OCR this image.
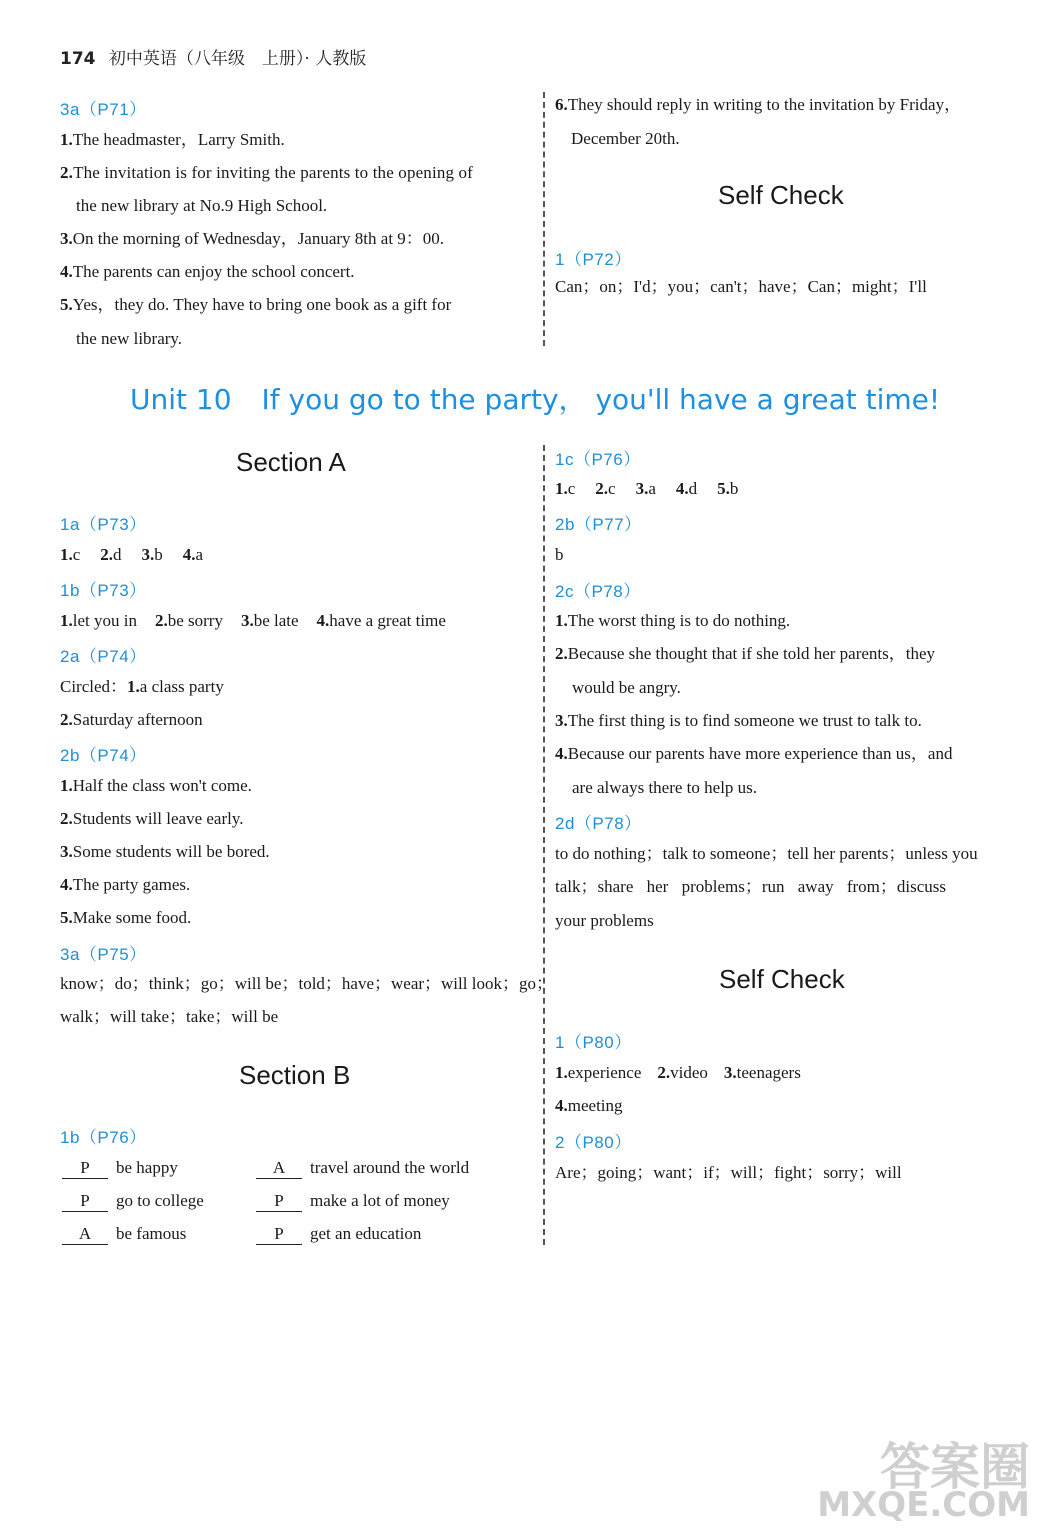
174 初中英语（八年级　上册）· 人教版
3a（P71）
1.The headmaster，Larry Smith.
2.The invitation is for inviting the parents to the opening of
the new library at No.9 High School.
3.On the morning of Wednesday，January 8th at 9：00.
4.The parents can enjoy the school concert.
5.Yes，they do. They have to bring one book as a gift for
the new library.
6.They should reply in writing to the invitation by Friday，
December 20th.
Self Check
1（P72）
Can；on；I'd；you；can't；have；Can；might；I'll
Unit 10 If you go to the party， you'll have a great time!
Section A
1a（P73）
1.c 2.d 3.b 4.a
1b（P73）
1.let you in 2.be sorry 3.be late 4.have a great time
2a（P74）
Circled：1.a class party
2.Saturday afternoon
2b（P74）
1.Half the class won't come.
2.Students will leave early.
3.Some students will be bored.
4.The party games.
5.Make some food.
3a（P75）
know；do；think；go；will be；told；have；wear；will look；go；
walk；will take；take；will be
Section B
1b（P76）
P be happy	A travel around the world
P go to college	P make a lot of money
A be famous	P get an education
1c（P76）
1.c 2.c 3.a 4.d 5.b
2b（P77）
b
2c（P78）
1.The worst thing is to do nothing.
2.Because she thought that if she told her parents，they
would be angry.
3.The first thing is to find someone we trust to talk to.
4.Because our parents have more experience than us，and
are always there to help us.
2d（P78）
to do nothing；talk to someone；tell her parents；unless you
talk；share her problems；run away from；discuss
your problems
Self Check
1（P80）
1.experience 2.video 3.teenagers
4.meeting
2（P80）
Are；going；want；if；will；fight；sorry；will
答案圈
MXQE.COM
